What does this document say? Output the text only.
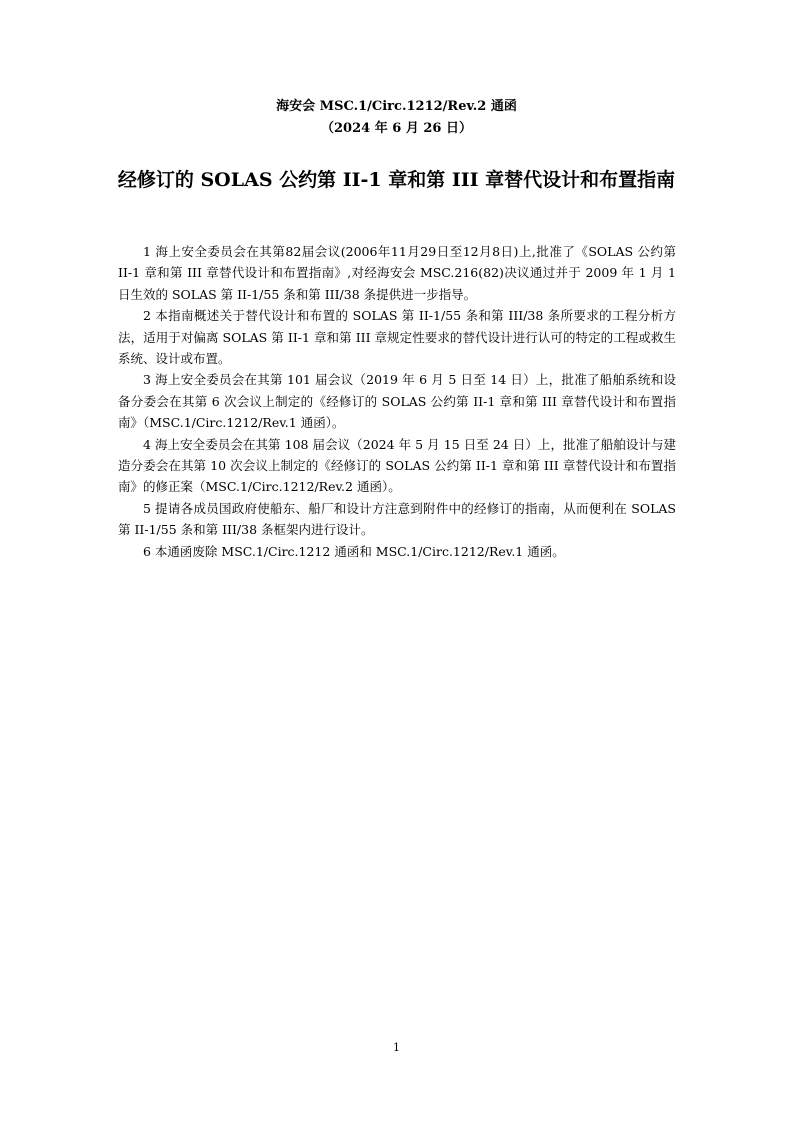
海安会 MSC.1/Circ.1212/Rev.2 通函
（2024 年 6 月 26 日）
经修订的 SOLAS 公约第 II-1 章和第 III 章替代设计和布置指南

1 海上安全委员会在其第82届会议(2006年11月29日至12月8日)上,批准了《SOLAS 公约第 II-1 章和第 III 章替代设计和布置指南》,对经海安会 MSC.216(82)决议通过并于 2009 年 1 月 1 日生效的 SOLAS 第 II-1/55 条和第 III/38 条提供进一步指导。

2 本指南概述关于替代设计和布置的 SOLAS 第 II-1/55 条和第 III/38 条所要求的工程分析方法，适用于对偏离 SOLAS 第 II-1 章和第 III 章规定性要求的替代设计进行认可的特定的工程或救生系统、设计或布置。

3 海上安全委员会在其第 101 届会议（2019 年 6 月 5 日至 14 日）上，批准了船舶系统和设备分委会在其第 6 次会议上制定的《经修订的 SOLAS 公约第 II-1 章和第 III 章替代设计和布置指南》（MSC.1/Circ.1212/Rev.1 通函）。

4 海上安全委员会在其第 108 届会议（2024 年 5 月 15 日至 24 日）上，批准了船舶设计与建造分委会在其第 10 次会议上制定的《经修订的 SOLAS 公约第 II-1 章和第 III 章替代设计和布置指南》的修正案（MSC.1/Circ.1212/Rev.2 通函）。

5 提请各成员国政府使船东、船厂和设计方注意到附件中的经修订的指南，从而便利在 SOLAS 第 II-1/55 条和第 III/38 条框架内进行设计。

6 本通函废除 MSC.1/Circ.1212 通函和 MSC.1/Circ.1212/Rev.1 通函。

1
